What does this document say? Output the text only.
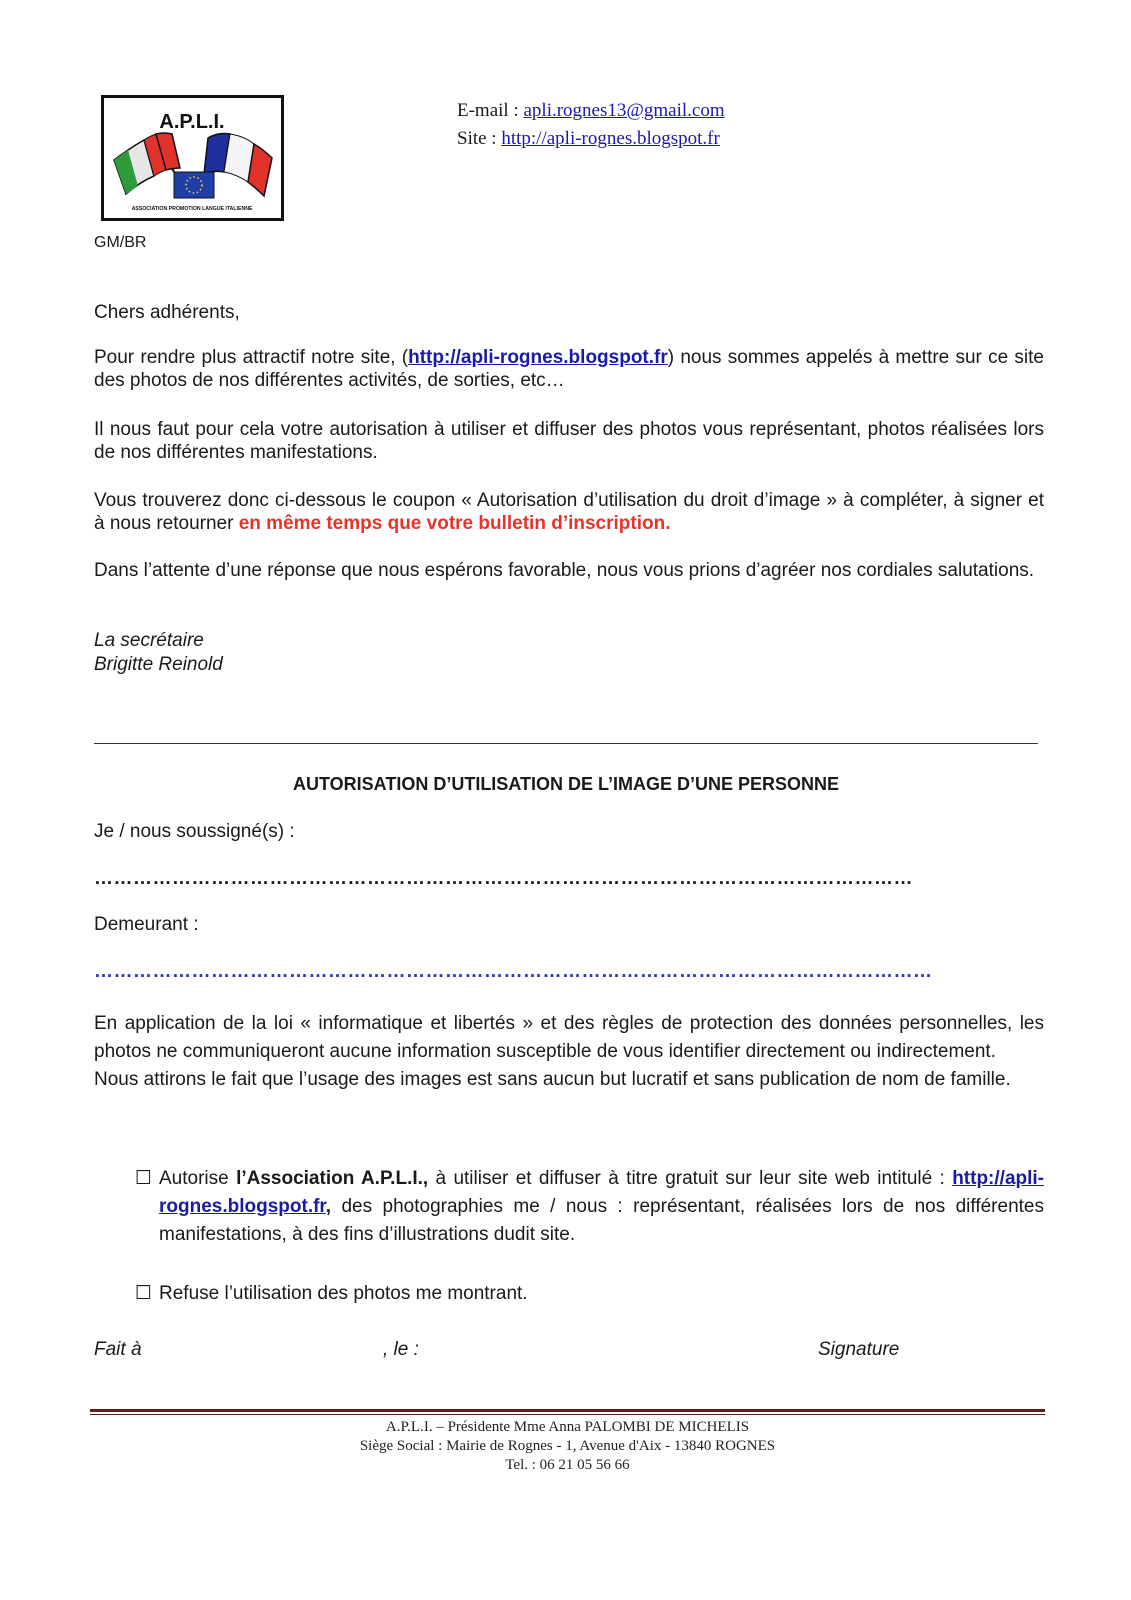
A.P.L.I.
ASSOCIATION PROMOTION LANGUE ITALIENNE
E-mail : apli.rognes13@gmail.com
Site : http://apli-rognes.blogspot.fr
GM/BR
Chers adhérents,
Pour rendre plus attractif notre site, (http://apli-rognes.blogspot.fr) nous sommes appelés à mettre sur ce site des photos de nos différentes activités, de sorties, etc…
Il nous faut pour cela votre autorisation à utiliser et diffuser des photos vous représentant, photos réalisées lors de nos différentes manifestations.
Vous trouverez donc ci-dessous le coupon « Autorisation d’utilisation du droit d’image » à compléter, à signer et à nous retourner en même temps que votre bulletin d’inscription.
Dans l’attente d’une réponse que nous espérons favorable, nous vous prions d’agréer nos cordiales salutations.
La secrétaire
Brigitte Reinold
AUTORISATION D’UTILISATION DE L’IMAGE D’UNE PERSONNE
Je / nous soussigné(s) :
………………………………………………………………………………………………………………
Demeurant :
…………………………………………………………………………………………………………………
En application de la loi « informatique et libertés » et des règles de protection des données personnelles, les photos ne communiqueront aucune information susceptible de vous identifier directement ou indirectement.
Nous attirons le fait que l’usage des images est sans aucun but lucratif et sans publication de nom de famille.
☐ Autorise l’Association A.P.L.I., à utiliser et diffuser à titre gratuit sur leur site web intitulé : http://apli-rognes.blogspot.fr, des photographies me / nous : représentant, réalisées lors de nos différentes manifestations, à des fins d’illustrations dudit site.
☐ Refuse l’utilisation des photos me montrant.
Fait à	, le :	Signature
A.P.L.I. – Présidente Mme Anna PALOMBI DE MICHELIS
Siège Social : Mairie de Rognes - 1, Avenue d'Aix - 13840 ROGNES
Tel. : 06 21 05 56 66
